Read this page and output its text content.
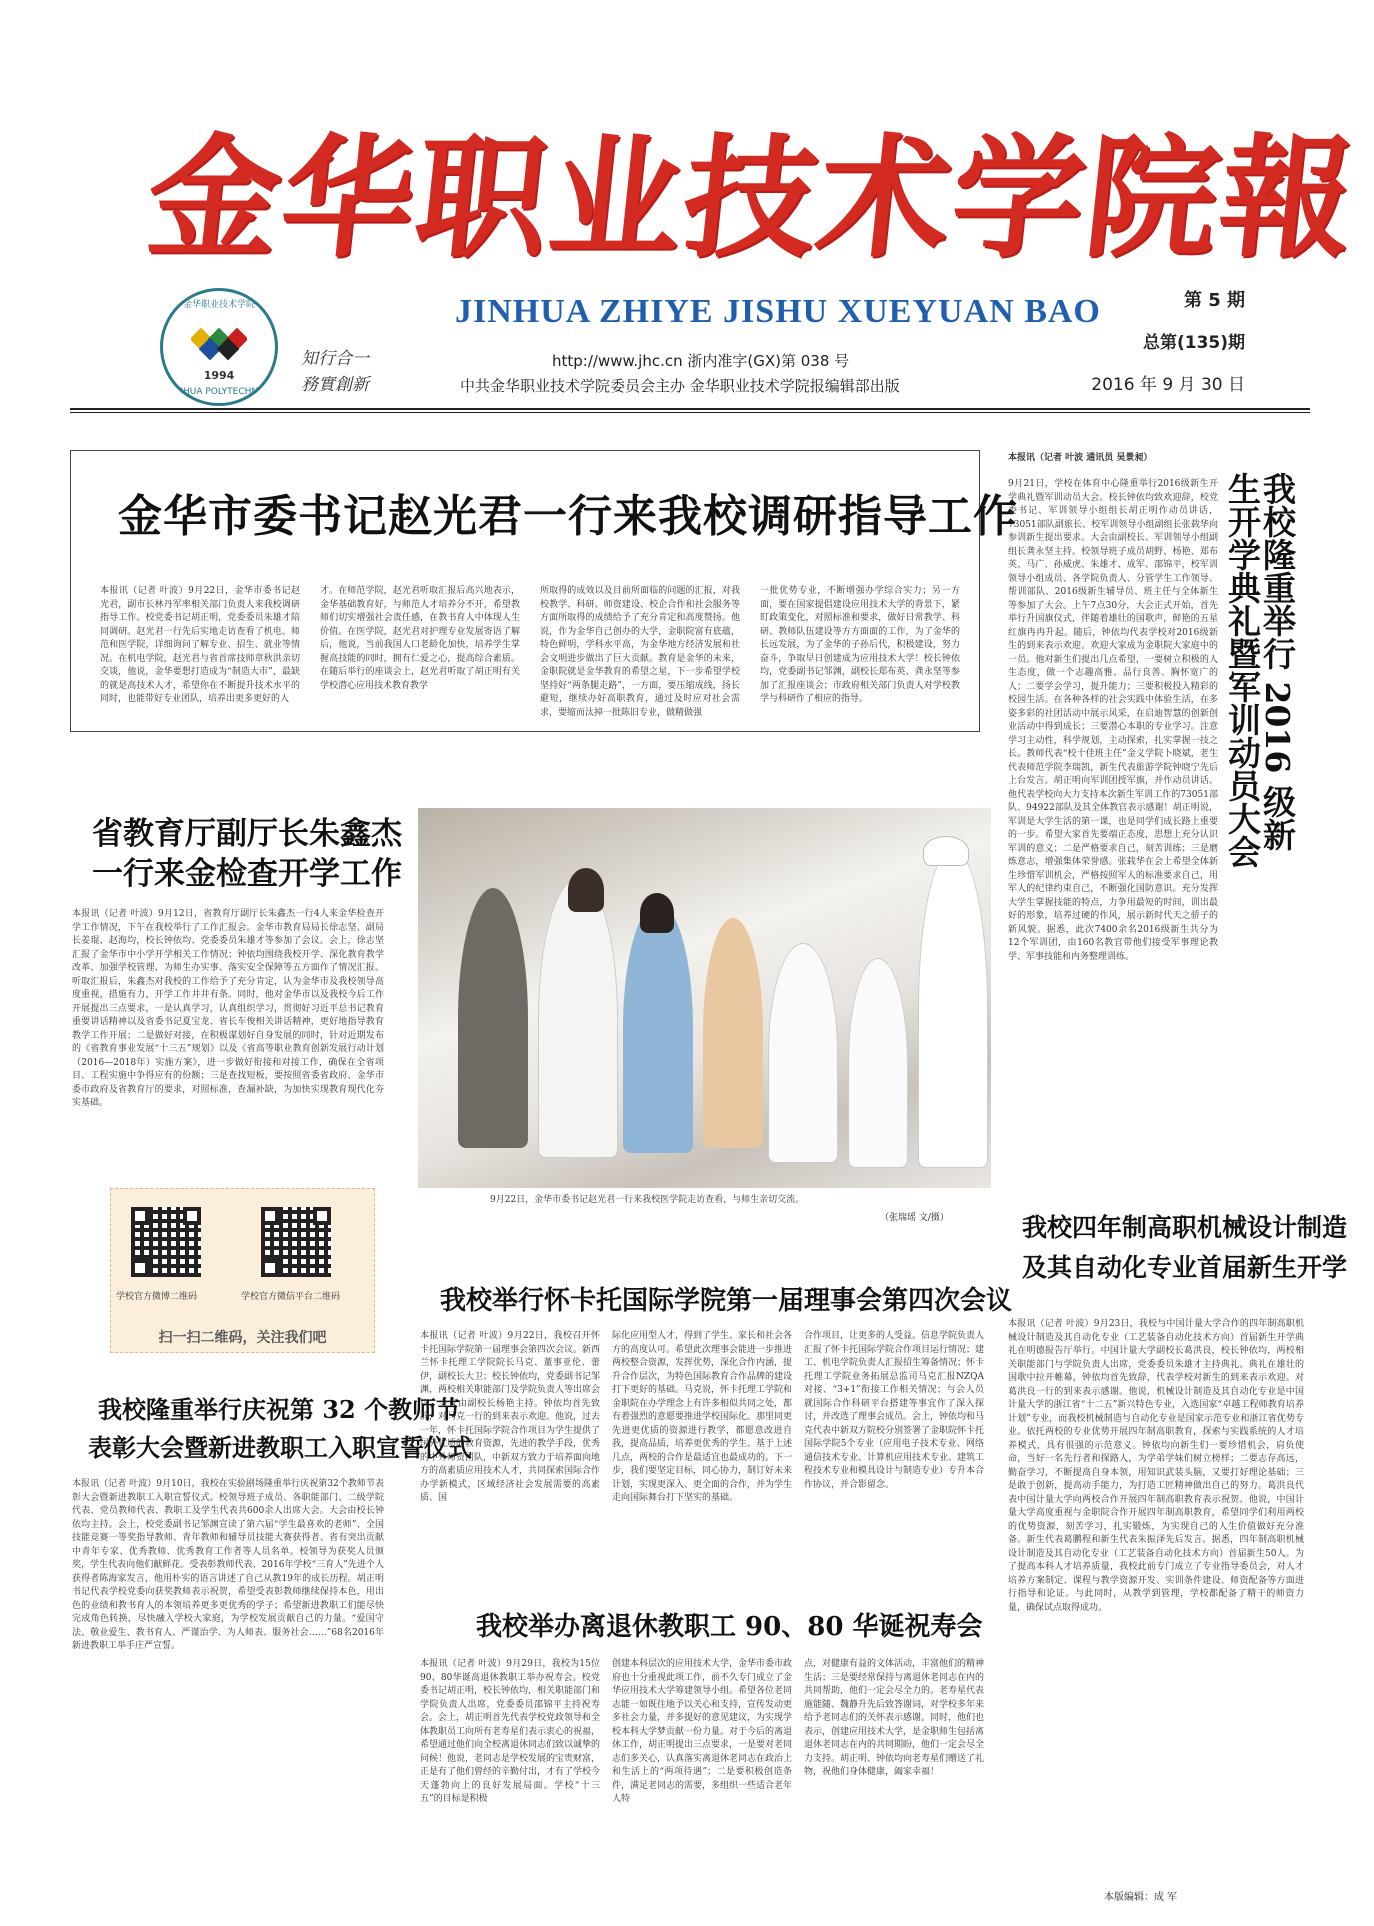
金华职业技术学院報
JINHUA ZHIYE JISHU XUEYUAN BAO
金华职业技术学院
1994
JINHUA POLYTECHNIC
知行合一
務實創新
第 5 期
总第(135)期
2016 年 9 月 30 日
http://www.jhc.cn 浙内准字(GX)第 038 号
中共金华职业技术学院委员会主办 金华职业技术学院报编辑部出版
金华市委书记赵光君一行来我校调研指导工作
本报讯（记者 叶波）9月22日，金华市委书记赵光君，副市长林丹军率相关部门负责人来我校调研指导工作。校党委书记胡正明，党委委员朱雄才陪同调研。赵光君一行先后实地走访查看了机电、师范和医学院，详细询问了解专业、招生、就业等情况。在机电学院，赵光君与省首席技师章秋洪亲切交谈，他说，金华要想打造成为“制造大市”，最缺的就是高技术人才，希望你在不断提升技术水平的同时，也能带好专业团队，培养出更多更好的人
才。在师范学院，赵光君听取汇报后高兴地表示，金华基础教育好，与师范人才培养分不开，希望教师们切实增强社会责任感，在教书育人中体现人生价值。在医学院，赵光君对护理专业发展寄语了解后，他说，当前我国人口老龄化加快，培养学生掌握高技能的同时，拥有仁爱之心，提高综合素质。在随后举行的座谈会上，赵光君听取了胡正明有关学校潜心应用技术教育教学
所取得的成效以及目前所面临的问题的汇报，对我校教学、科研、师资建设、校企合作和社会服务等方面所取得的成绩给予了充分肯定和高度赞扬。他说，作为金华自己创办的大学，金职院富有底蕴，特色鲜明，学科水平高，为金华地方经济发展和社会文明进步做出了巨大贡献。教育是金华的未来，金职院就是金华教育的希望之星，下一步希望学校坚持好“两条腿走路”，一方面，要压缩成线，扬长避短，继续办好高职教育，通过及时应对社会需求，要缩而汰掉一批陈旧专业，做精做强
一批优势专业，不断增强办学综合实力；另一方面，要在国家提倡建设应用技术大学的背景下，紧盯政策变化，对照标准和要求，做好日常教学、科研、教师队伍建设等方方面面的工作，为了金华的长远发展，为了金华的子孙后代，积极建设，努力奋斗，争取早日创建成为应用技术大学！校长钟依均，党委副书记邹渊，副校长郑布英、龚永坚等参加了汇报座谈会；市政府相关部门负责人对学校教学与科研作了相应的指导。	我校隆重举行 2016 级新生开学典礼暨军训动员大会
本报讯（记者 叶波 通讯员 吴景昶）
9月21日，学校在体育中心隆重举行2016级新生开学典礼暨军训动员大会。校长钟依均致欢迎辞，校党委书记、军训领导小组组长胡正明作动员讲话，73051部队副旅长、校军训领导小组副组长张载华向参训新生提出要求。大会由副校长、军训领导小组副组长龚永坚主持。校领导班子成员胡野、杨艳、郑布英、马广、孙威虎、朱雄才、成军、邵锦平，校军训领导小组成员、各学院负责人、分管学生工作领导、帮训部队、2016级新生辅导员、班主任与全体新生等参加了大会。上午7点30分，大会正式开始，首先举行升国旗仪式，伴随着雄壮的国歌声，鲜艳的五星红旗冉冉升起。随后，钟依均代表学校对2016级新生的到来表示欢迎。欢迎大家成为金职院大家庭中的一员。他对新生们提出几点希望，一要树立积极的人生态度，做一个志趣高雅、品行良善、胸怀宽广的人；二要学会学习，提升能力；三要积极投入精彩的校园生活。在各种各样的社会实践中体验生活，在多姿多彩的社团活动中展示风采，在启迪智慧的创新创业活动中得到成长；三要潜心本职的专业学习。注意学习主动性，科学规划，主动探索，扎实掌握一技之长。教师代表“校十佳班主任”金义学院卜晓斌，老生代表师范学院李瑞凯，新生代表旅游学院钟晓宁先后上台发言。胡正明向军训团授军旗，并作动员讲话。他代表学校向大力支持本次新生军训工作的73051部队、94922部队及其全体教官表示感谢！胡正明说，军训是大学生活的第一课，也是同学们成长路上重要的一步。希望大家首先要端正态度，思想上充分认识军训的意义；二是严格要求自己，刻苦训练；三是磨炼意志，增强集体荣誉感。张载华在会上希望全体新生珍惜军训机会，严格按照军人的标准要求自己，用军人的纪律约束自己，不断强化国防意识。充分发挥大学生掌握技能的特点，力争用最短的时间，训出最好的形象，培养过硬的作风，展示新时代天之骄子的新风貌。据悉，此次7400余名2016级新生共分为12个军训团，由160名教官带他们接受军事理论教学、军事技能和内务整理训练。
省教育厅副厅长朱鑫杰
一行来金检查开学工作
本报讯（记者 叶波）9月12日，省教育厅副厅长朱鑫杰一行4人来金华检查开学工作情况，下午在我校举行了工作汇报会。金华市教育局局长徐志坚、副局长姜琨、赵海均，校长钟依均、党委委员朱雄才等参加了会议。会上，徐志坚汇报了金华市中小学开学相关工作情况；钟依均围绕我校开学、深化教育教学改革、加强学校管理、为师生办实事、落实安全保障等五方面作了情况汇报。听取汇报后，朱鑫杰对我校的工作给予了充分肯定，认为金华市及我校领导高度重视，措施有力，开学工作井井有条。同时，他对金华市以及我校今后工作开展提出三点要求，一是认真学习，认真组织学习，贯彻好习近平总书记教育重要讲话精神以及省委书记夏宝龙、省长车俊相关讲话精神，更好地指导教育教学工作开展；二是做好对接，在积极谋划好自身发展的同时，针对近期发布的《省教育事业发展“十三五”规划》以及《省高等职业教育创新发展行动计划（2016—2018年）实施方案》，进一步做好衔接和对接工作，确保在全省项目、工程实施中争得应有的份额；三是查找短板，要按照省委省政府、金华市委市政府及省教育厅的要求，对照标准，查漏补缺，为加快实现教育现代化夯实基础。
9月22日，金华市委书记赵光君一行来我校医学院走访查看，与师生亲切交流。
（张瑞瑶 文/摄）
学校官方微博二维码	学校官方微信平台二维码
扫一扫二维码，关注我们吧
我校隆重举行庆祝第 32 个教师节
表彰大会暨新进教职工入职宣誓仪式
本报讯（记者 叶波）9月10日，我校在实验剧场隆重举行庆祝第32个教师节表彰大会暨新进教职工入职宣誓仪式。校领导班子成员、各职能部门、二级学院代表、党员教师代表、教职工及学生代表共600余人出席大会。大会由校长钟依均主持。会上，校党委副书记邹渊宣读了第六届“学生最喜欢的老师”、全国技能竞赛一等奖指导教师、青年教师和辅导员技能大赛获得者、省有突出贡献中青年专家、优秀教师、优秀教育工作者等人员名单。校领导为获奖人员颁奖，学生代表向他们献鲜花。受表彰教师代表、2016年学校“三育人”先进个人获得者陈海家发言，他用朴实的语言讲述了自己从教19年的成长历程。胡正明书记代表学校党委向获奖教师表示祝贺，希望受表彰教师继续保持本色，用出色的业绩和教书育人的本领培养更多更优秀的学子；希望新进教职工们能尽快完成角色转换，尽快融入学校大家庭，为学校发展贡献自己的力量。“爱国守法、敬业爱生、教书育人、严谨治学、为人师表、服务社会……”68名2016年新进教职工举手庄严宣誓。
我校举行怀卡托国际学院第一届理事会第四次会议
本报讯（记者 叶波）9月22日，我校召开怀卡托国际学院第一届理事会第四次会议。新西兰怀卡托理工学院院长马克、董事亚伦、蕾伊，副校长大卫；校长钟依均，党委副书记邹渊，两校相关职能部门及学院负责人等出席会议，会议由副校长杨艳主持。钟依均首先致辞，对马克一行的到来表示欢迎。他说，过去一年，怀卡托国际学院合作项目为学生提供了国外优质的教育资源，先进的教学手段，优秀的中外师资团队，中新双方致力于培养面向地方的高素质应用技术人才，共同探索国际合作办学新模式，区域经济社会发展需要的高素质、国
际化应用型人才，得到了学生、家长和社会各方的高度认可。希望此次理事会能进一步推进两校整合资源，发挥优势，深化合作内涵，提升合作层次，为特色国际教育合作品牌的建设打下更好的基础。马克说，怀卡托理工学院和金职院在办学理念上有许多相似共同之处，都有着强烈的意愿要推进学校国际化。那里同更先进更优质的资源进行教学，都愿意改进自我，提高品质，培养更优秀的学生。基于上述几点，两校的合作是最适宜也最成功的。下一步，我们要坚定目标，同心协力，制订好未来计划，实现更深入、更全面的合作，并为学生走向国际舞台打下坚实的基础。
合作项目，让更多的人受益。信息学院负责人汇报了怀卡托国际学院合作项目运行情况；建工、机电学院负责人汇报招生筹备情况；怀卡托理工学院业务拓展总监司马克汇报NZQA对接、“3+1”衔接工作相关情况；与会人员就国际合作科研平台搭建等事宜作了深入探讨，并改选了理事会成员。会上，钟依均和马克代表中新双方院校分别签署了金职院怀卡托国际学院5个专业（应用电子技术专业、网络通信技术专业、计算机应用技术专业、建筑工程技术专业和模具设计与制造专业）专升本合作协议，并合影留念。
我校举办离退休教职工 90、80 华诞祝寿会
本报讯（记者 叶波）9月29日，我校为15位90、80华诞高退休教职工举办祝寿会。校党委书记胡正明，校长钟依均，相关职能部门和学院负责人出席，党委委员邵锦平主持祝寿会。会上，胡正明首先代表学校党政领导和全体教职员工向所有老寿星们表示衷心的祝福，希望通过他们向全校离退休同志们致以诚挚的问候！他说，老同志是学校发展的宝贵财富，正是有了他们曾经的辛勤付出，才有了学校今天蓬勃向上的良好发展局面。学校“十三五”的目标是积极
创建本科层次的应用技术大学，金华市委市政府也十分重视此项工作，前不久专门成立了金华应用技术大学筹建领导小组。希望各位老同志能一如既往地予以关心和支持，宣传发动更多社会力量，并多提好的意见建议，为实现学校本科大学梦贡献一份力量。对于今后的离退休工作，胡正明提出三点要求，一是要对老同志们多关心，认真落实离退休老同志在政治上和生活上的“两项待遇”；二是要积极创造条件，满足老同志的需要，多组织一些适合老年人特
点，对健康有益的文体活动，丰富他们的精神生活；三是要经常保持与离退休老同志在内的共同帮助，他们一定会尽全力的。老寿星代表施能随、魏静升先后致答谢词，对学校多年来给予老同志们的关怀表示感谢。同时，他们也表示，创建应用技术大学，是金职师生包括离退休老同志在内的共同期盼，他们一定会尽全力支持。胡正明、钟依均向老寿星们赠送了礼物，祝他们身体健康，阖家幸福！
我校四年制高职机械设计制造
及其自动化专业首届新生开学
本报讯（记者 叶波）9月23日，我校与中国计量大学合作的四年制高职机械设计制造及其自动化专业（工艺装备自动化技术方向）首届新生开学典礼在明德报告厅举行。中国计量大学副校长葛洪良，校长钟依均，两校相关职能部门与学院负责人出席，党委委员朱雄才主持典礼。典礼在雄壮的国歌中拉开帷幕，钟依均首先致辞，代表学校对新生的到来表示欢迎。对葛洪良一行的到来表示感谢。他说，机械设计制造及其自动化专业是中国计量大学的浙江省“十二五”新兴特色专业，入选国家“卓越工程师教育培养计划”专业，而我校机械制造与自动化专业是国家示范专业和浙江省优势专业。依托两校的专业优势开展四年制高职教育，探索与实践系统的人才培养模式，具有很强的示范意义。钟依均向新生们一要珍惜机会，肩负使命，当好一名先行者和探路人，为学弟学妹们树立榜样；二要志存高远，勤奋学习，不断提高自身本领，用知识武装头脑，又要打好理论基础；三是敢于创新，提高动手能力，为打造工匠精神做出自己的努力。葛洪良代表中国计量大学向两校合作开展四年制高职教育表示祝贺。他说，中国计量大学高度重视与金职院合作开展四年制高职教育，希望同学们利用两校的优势资源，刻苦学习，扎实锻炼，为实现自己的人生价值做好充分准备。新生代表葛鹏程和新生代表朱振泽先后发言。据悉，四年制高职机械设计制造及其自动化专业（工艺装备自动化技术方向）首届新生50人。为了提高本科人才培养质量，我校此前专门成立了专业指导委员会，对人才培养方案制定、课程与教学资源开发、实训条件建设、师资配备等方面进行指导和论证。与此同时，从教学到管理，学校都配备了精干的师资力量，确保试点取得成功。
本版编辑：成 军
